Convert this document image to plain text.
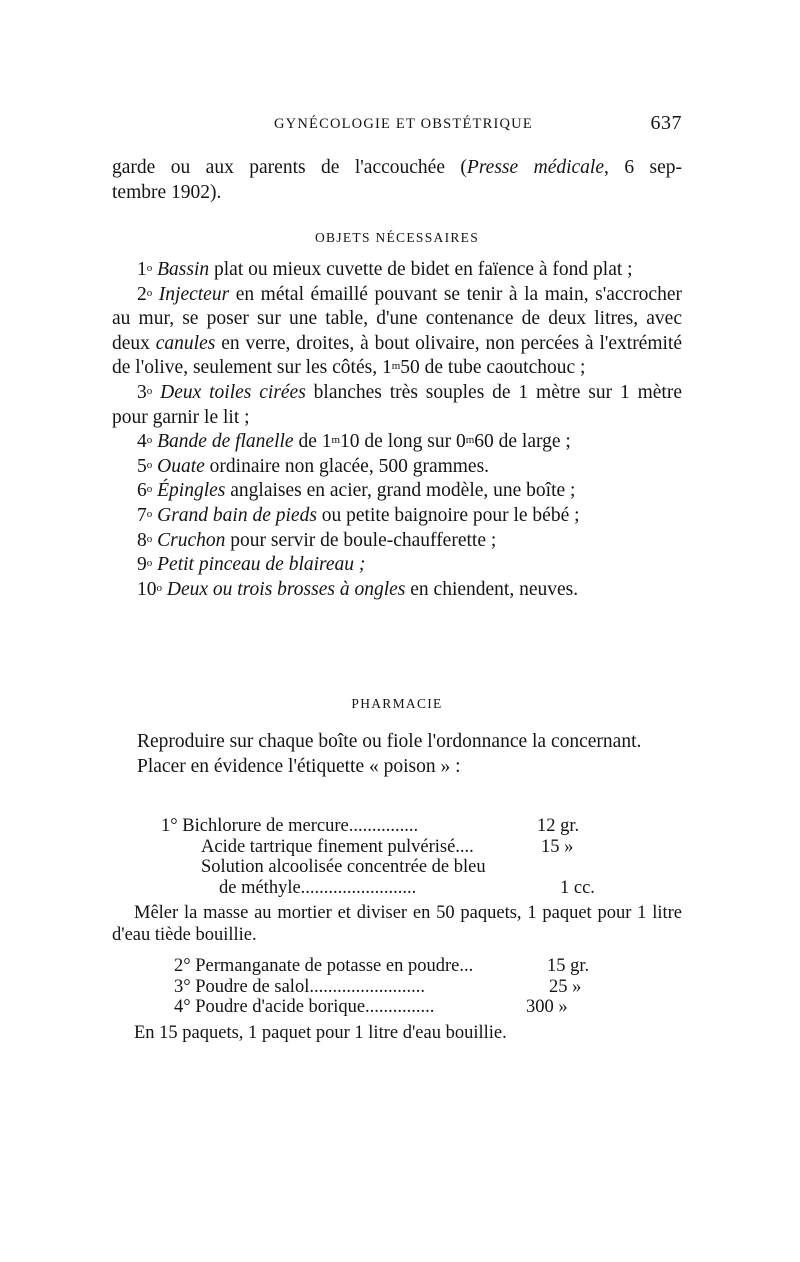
GYNÉCOLOGIE ET OBSTÉTRIQUE	637

garde ou aux parents de l'accouchée (Presse médicale, 6 sep-

tembre 1902).

OBJETS NÉCESSAIRES

1$^o$ Bassin plat ou mieux cuvette de bidet en faïence à fond plat ;

2$^o$ Injecteur en métal émaillé pouvant se tenir à la main, s'accrocher au mur, se poser sur une table, d'une contenance de deux litres, avec deux canules en verre, droites, à bout olivaire, non percées à l'extrémité de l'olive, seulement sur les côtés, 1$^m$50 de tube caoutchouc ;

3$^o$ Deux toiles cirées blanches très souples de 1 mètre sur 1 mètre pour garnir le lit ;

4$^o$ Bande de flanelle de 1$^m$10 de long sur 0$^m$60 de large ;

5$^o$ Ouate ordinaire non glacée, 500 grammes.

6$^o$ Épingles anglaises en acier, grand modèle, une boîte ;

7$^o$ Grand bain de pieds ou petite baignoire pour le bébé ;

8$^o$ Cruchon pour servir de boule-chaufferette ;

9$^o$ Petit pinceau de blaireau ;

10$^o$ Deux ou trois brosses à ongles en chiendent, neuves.

PHARMACIE

Reproduire sur chaque boîte ou fiole l'ordonnance la concernant.

Placer en évidence l'étiquette « poison » :

1° Bichlorure de mercure...............	12 gr.
Acide tartrique finement pulvérisé....	15 »
Solution alcoolisée concentrée de bleu
de méthyle.........................	1 cc.

Mêler la masse au mortier et diviser en 50 paquets, 1 paquet pour 1 litre d'eau tiède bouillie.

2° Permanganate de potasse en poudre...	15 gr.
3° Poudre de salol.........................	25 »
4° Poudre d'acide borique...............	300 »

En 15 paquets, 1 paquet pour 1 litre d'eau bouillie.
